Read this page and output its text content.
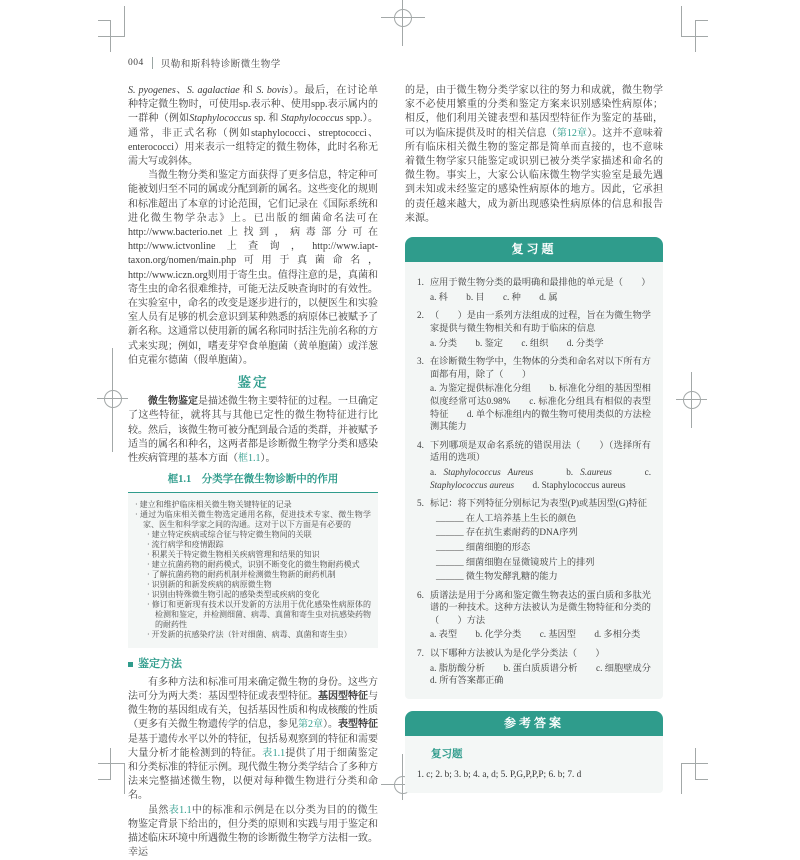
004 贝勒和斯科特诊断微生物学

S. pyogenes、S. agalactiae 和 S. bovis）。最后，在讨论单种特定微生物时，可使用sp.表示种、使用spp.表示属内的一群种（例如Staphylococcus sp. 和 Staphylococcus spp.）。通常，非正式名称（例如staphylococci、streptococci、enterococci）用来表示一组特定的微生物体，此时名称无需大写或斜体。

当微生物分类和鉴定方面获得了更多信息，特定种可能被划归至不同的属或分配到新的属名。这些变化的规则和标准超出了本章的讨论范围，它们记录在《国际系统和进化微生物学杂志》上。已出版的细菌命名法可在http://www.bacterio.net上找到，病毒部分可在http://www.ictvonline上查询，http://www.iapt-taxon.org/nomen/main.php可用于真菌命名，http://www.iczn.org则用于寄生虫。值得注意的是，真菌和寄生虫的命名很难维持，可能无法反映查询时的有效性。在实验室中，命名的改变是逐步进行的，以便医生和实验室人员有足够的机会意识到某种熟悉的病原体已被赋予了新名称。这通常以使用新的属名称同时括注先前名称的方式来实现；例如，嗜麦芽窄食单胞菌（黄单胞菌）或洋葱伯克霍尔德菌（假单胞菌）。

鉴定

微生物鉴定是描述微生物主要特征的过程。一旦确定了这些特征，就将其与其他已定性的微生物特征进行比较。然后，该微生物可被分配到最合适的类群，并被赋予适当的属名和种名，这两者都是诊断微生物学分类和感染性疾病管理的基本方面（框1.1）。

框1.1　分类学在微生物诊断中的作用
· 建立和维护临床相关微生物关键特征的记录
· 通过为临床相关微生物选定通用名称，促进技术专家、微生物学家、医生和科学家之间的沟通。这对于以下方面是有必要的
· 建立特定疾病或综合征与特定微生物间的关联
· 流行病学和疫情跟踪
· 积累关于特定微生物相关疾病管理和结果的知识
· 建立抗菌药物的耐药模式，识别不断变化的微生物耐药模式
· 了解抗菌药物的耐药机制并检测微生物新的耐药机制
· 识别新的和新发疾病的病原微生物
· 识别由特殊微生物引起的感染类型或疾病的变化
· 修订和更新现有技术以开发新的方法用于优化感染性病原体的检测和鉴定，并检测细菌、病毒、真菌和寄生虫对抗感染药物的耐药性
· 开发新的抗感染疗法（针对细菌、病毒、真菌和寄生虫）
鉴定方法

有多种方法和标准可用来确定微生物的身份。这些方法可分为两大类：基因型特征或表型特征。基因型特征与微生物的基因组成有关，包括基因性质和构成核酸的性质（更多有关微生物遗传学的信息，参见第2章）。表型特征是基于遗传水平以外的特征，包括易观察到的特征和需要大量分析才能检测到的特征。表1.1提供了用于细菌鉴定和分类标准的特征示例。现代微生物分类学结合了多种方法来完整描述微生物，以便对每种微生物进行分类和命名。

虽然表1.1中的标准和示例是在以分类为目的的微生物鉴定背景下给出的，但分类的原则和实践与用于鉴定和描述临床环境中所遇微生物的诊断微生物学方法相一致。幸运

的是，由于微生物分类学家以往的努力和成就，微生物学家不必使用繁重的分类和鉴定方案来识别感染性病原体；相反，他们利用关键表型和基因型特征作为鉴定的基础，可以为临床提供及时的相关信息（第12章）。这并不意味着所有临床相关微生物的鉴定都是简单而直接的，也不意味着微生物学家只能鉴定或识别已被分类学家描述和命名的微生物。事实上，大家公认临床微生物学实验室是最先遇到未知或未经鉴定的感染性病原体的地方。因此，它承担的责任越来越大，成为新出现感染性病原体的信息和报告来源。

复习题
1. 应用于微生物分类的最明确和最排他的单元是（　　）
a. 科　　b. 目　　c. 种　　d. 属
2. （　　）是由一系列方法组成的过程，旨在为微生物学家提供与微生物相关和有助于临床的信息
a. 分类　　b. 鉴定　　c. 组织　　d. 分类学
3. 在诊断微生物学中，生物体的分类和命名对以下所有方面都有用，除了（　　）
a. 为鉴定提供标准化分组　　b. 标准化分组的基因型相似度经常可达0.98%　　c. 标准化分组具有相似的表型特征　　d. 单个标准组内的微生物可使用类似的方法检测其能力
4. 下列哪项是双命名系统的错误用法（　　）（选择所有适用的选项）
a. Staphylococcus Aureus　　b. S.aureus　　c. Staphylococcus aureus　　d. Staphylococcus aureus
5. 标记：将下列特征分别标记为表型(P)或基因型(G)特征
______ 在人工培养基上生长的颜色
______ 存在抗生素耐药的DNA序列
______ 细菌细胞的形态
______ 细菌细胞在显微镜玻片上的排列
______ 微生物发酵乳糖的能力
6. 质谱法是用于分离和鉴定微生物表达的蛋白质和多肽光谱的一种技术。这种方法被认为是微生物特征和分类的（　　）方法
a. 表型　　b. 化学分类　　c. 基因型　　d. 多相分类
7. 以下哪种方法被认为是化学分类法（　　）
a. 脂肪酸分析　　b. 蛋白质质谱分析　　c. 细胞壁成分　　d. 所有答案都正确
参考答案
复习题
1. c; 2. b; 3. b; 4. a, d; 5. P,G,P,P,P; 6. b; 7. d
